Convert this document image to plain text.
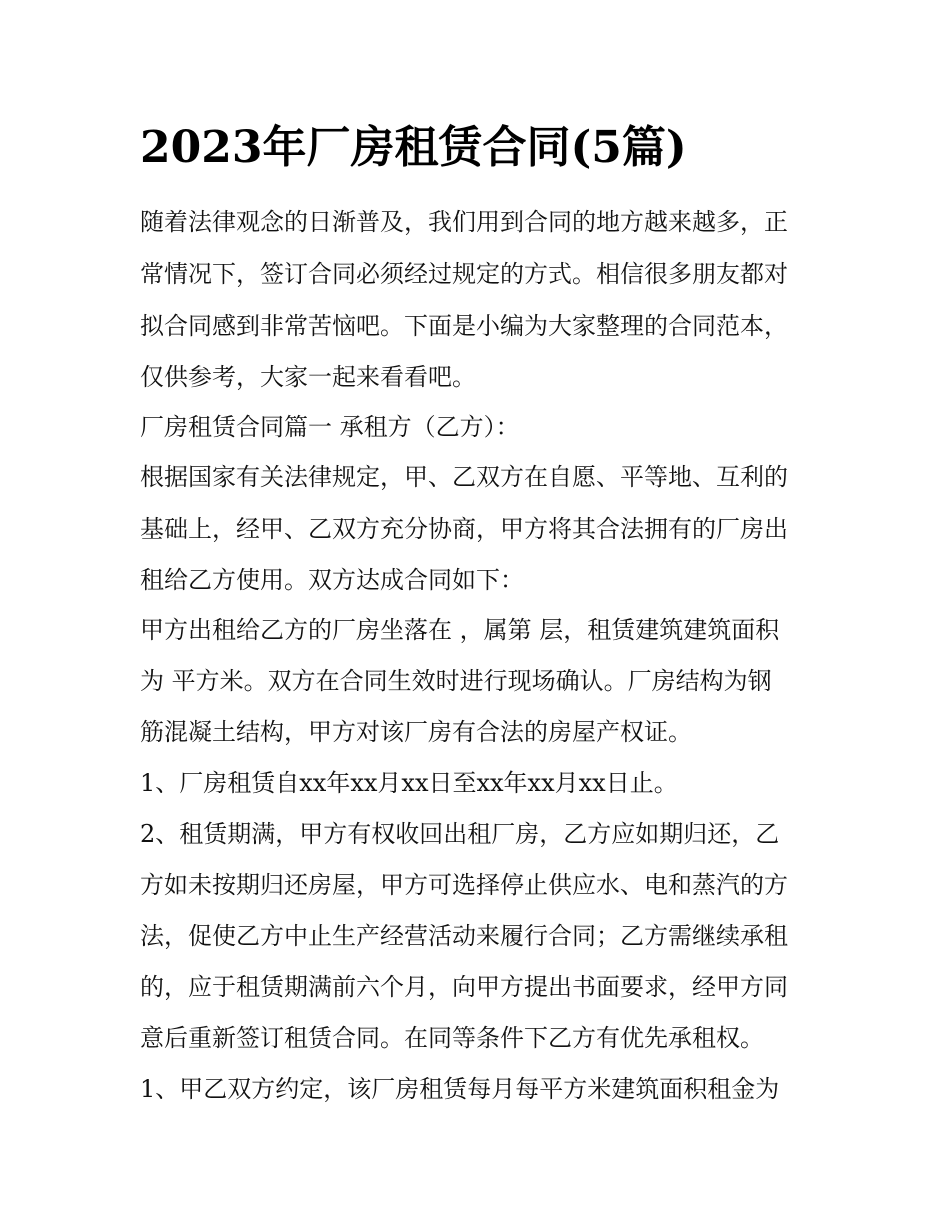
2023年厂房租赁合同(5篇)
随着法律观念的日渐普及，我们用到合同的地方越来越多，正
常情况下，签订合同必须经过规定的方式。相信很多朋友都对
拟合同感到非常苦恼吧。下面是小编为大家整理的合同范本，
仅供参考，大家一起来看看吧。
厂房租赁合同篇一 承租方（乙方）：
根据国家有关法律规定，甲、乙双方在自愿、平等地、互利的
基础上，经甲、乙双方充分协商，甲方将其合法拥有的厂房出
租给乙方使用。双方达成合同如下：
甲方出租给乙方的厂房坐落在 ，属第 层，租赁建筑建筑面积
为 平方米。双方在合同生效时进行现场确认。厂房结构为钢
筋混凝土结构，甲方对该厂房有合法的房屋产权证。
1、厂房租赁自xx年xx月xx日至xx年xx月xx日止。
2、租赁期满，甲方有权收回出租厂房，乙方应如期归还，乙
方如未按期归还房屋，甲方可选择停止供应水、电和蒸汽的方
法，促使乙方中止生产经营活动来履行合同；乙方需继续承租
的，应于租赁期满前六个月，向甲方提出书面要求，经甲方同
意后重新签订租赁合同。在同等条件下乙方有优先承租权。
1、甲乙双方约定，该厂房租赁每月每平方米建筑面积租金为
